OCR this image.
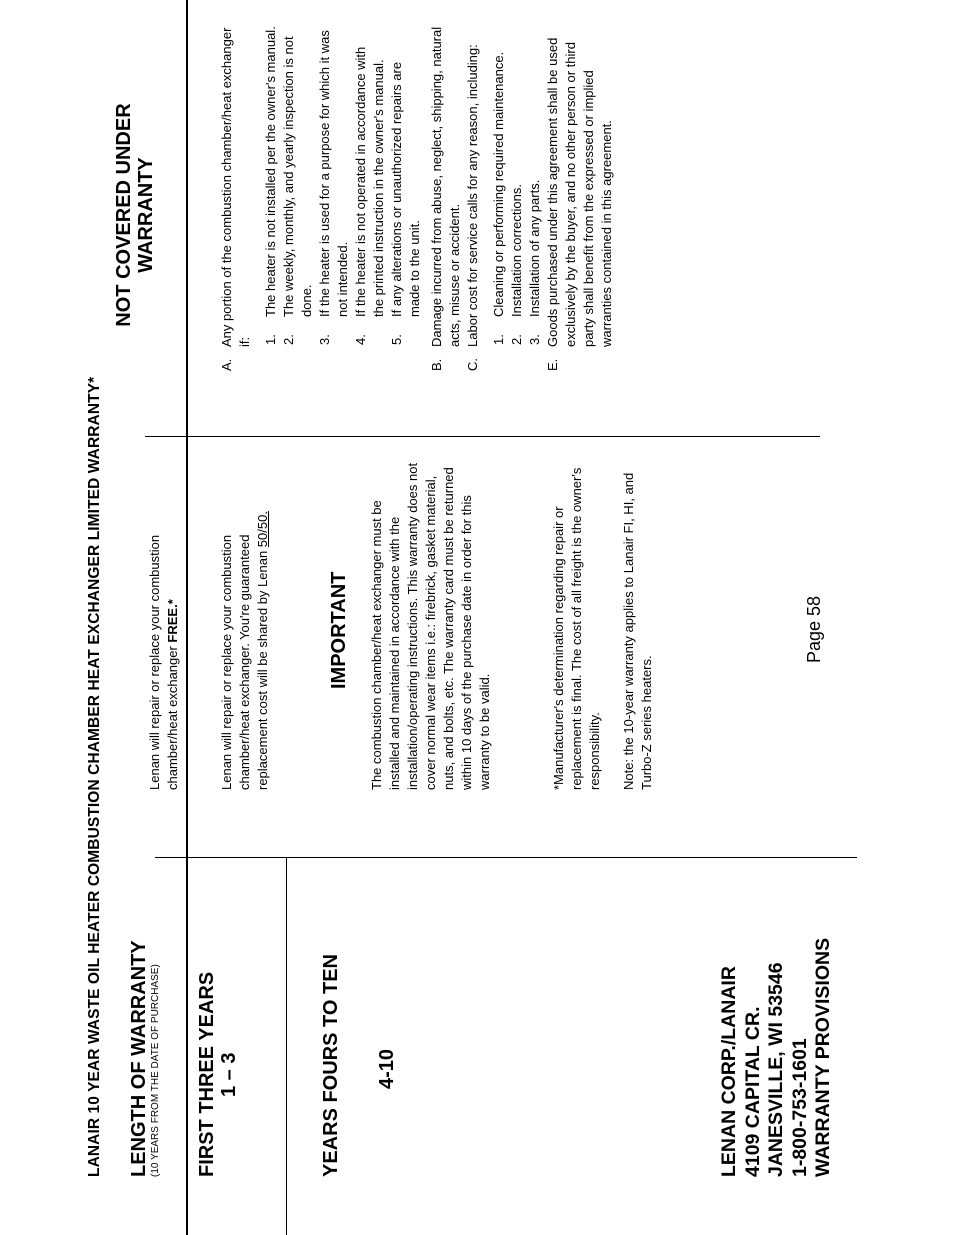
LANAIR 10 YEAR WASTE OIL HEATER COMBUSTION CHAMBER HEAT EXCHANGER LIMITED WARRANTY* LENGTH OF WARRANTY (10 YEARS FROM THE DATE OF PURCHASE)
Lenan will repair or replace your combustion chamber/heat exchanger FREE.*
FIRST THREE YEARS 1 – 3	YEARS FOURS TO TEN 4-10
Lenan will repair or replace your combustion chamber/heat exchanger. You're guaranteed replacement cost will be shared by Lenan 50/50.
IMPORTANT The combustion chamber/heat exchanger must be installed and maintained in accordance with the installation/operating instructions. This warranty does not cover normal wear items i.e.: firebrick, gasket material, nuts, and bolts, etc. The warranty card must be returned within 10 days of the purchase date in order for this warranty to be valid.	*Manufacturer's determination regarding repair or replacement is final. The cost of all freight is the owner's responsibility. Note: the 10-year warranty applies to Lanair FI, HI, and Turbo-Z series heaters.
LENAN CORP./LANAIR 4109 CAPITAL CR. JANESVILLE, WI 53546 1-800-753-1601 WARRANTY PROVISIONS
Page 58
NOT COVERED UNDER WARRANTY
A.
Any portion of the combustion chamber/heat exchanger if: 1.
The heater is not installed per the owner's manual.
2.
The weekly, monthly, and yearly inspection is not done.
3.
If the heater is used for a purpose for which it was not intended.
4.
If the heater is not operated in accordance with the printed instruction in the owner's manual.
5.
If any alterations or unauthorized repairs are made to the unit.
B.
Damage incurred from abuse, neglect, shipping, natural acts, misuse or accident.
C.
Labor cost for service calls for any reason, including: 1.
Cleaning or performing required maintenance.
2.
Installation corrections.
3.
Installation of any parts.
E.
Goods purchased under this agreement shall be used exclusively by the buyer, and no other person or third party shall benefit from the expressed or implied warranties contained in this agreement.
